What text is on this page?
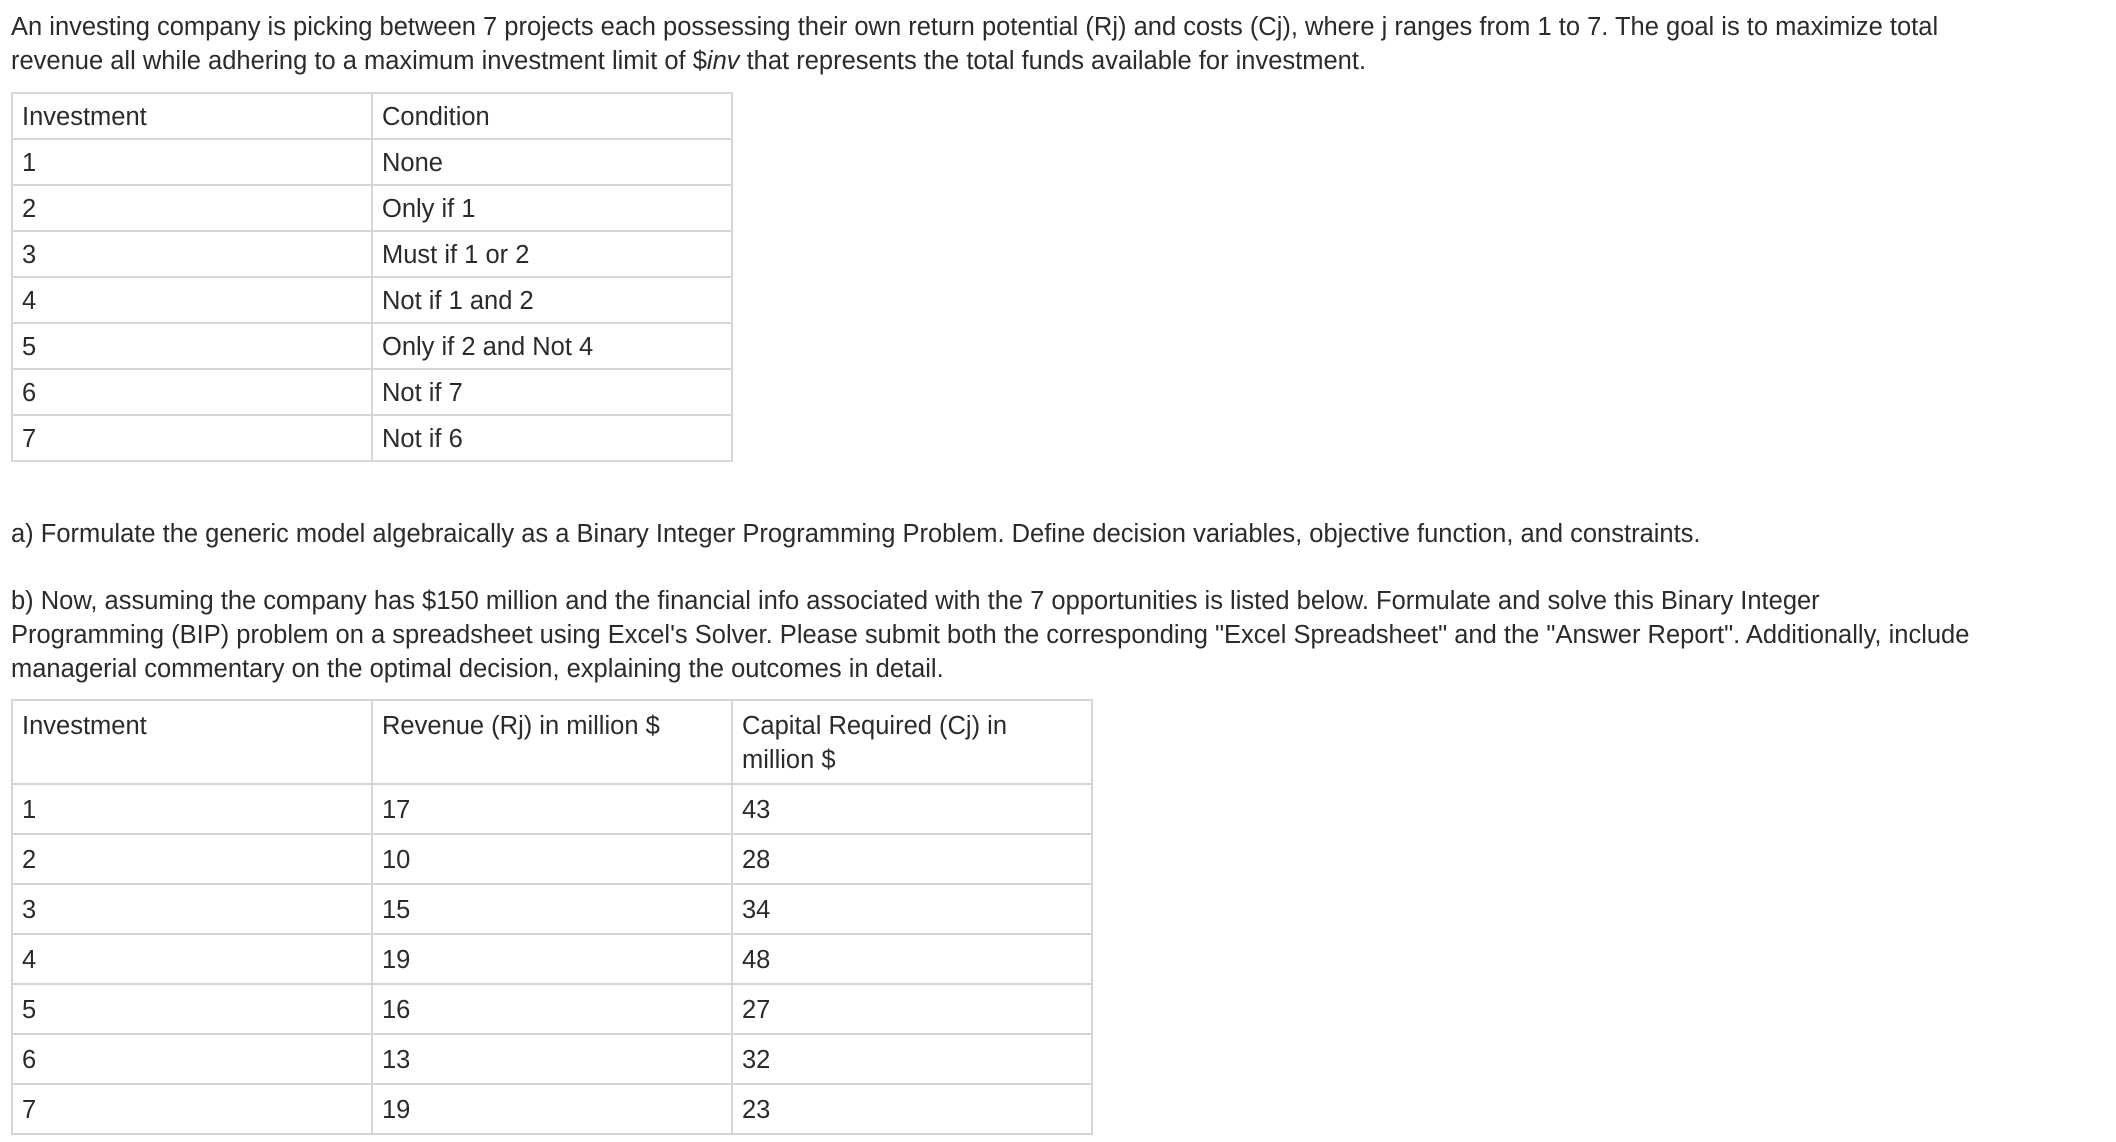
An investing company is picking between 7 projects each possessing their own return potential (Rj) and costs (Cj), where j ranges from 1 to 7. The goal is to maximize total
revenue all while adhering to a maximum investment limit of $inv that represents the total funds available for investment.
Investment	Condition
1	None
2	Only if 1
3	Must if 1 or 2
4	Not if 1 and 2
5	Only if 2 and Not 4
6	Not if 7
7	Not if 6
a) Formulate the generic model algebraically as a Binary Integer Programming Problem. Define decision variables, objective function, and constraints.
b) Now, assuming the company has $150 million and the financial info associated with the 7 opportunities is listed below. Formulate and solve this Binary Integer
Programming (BIP) problem on a spreadsheet using Excel's Solver. Please submit both the corresponding "Excel Spreadsheet" and the "Answer Report". Additionally, include
managerial commentary on the optimal decision, explaining the outcomes in detail.
Investment	Revenue (Rj) in million $	Capital Required (Cj) in million $
1	17	43
2	10	28
3	15	34
4	19	48
5	16	27
6	13	32
7	19	23
